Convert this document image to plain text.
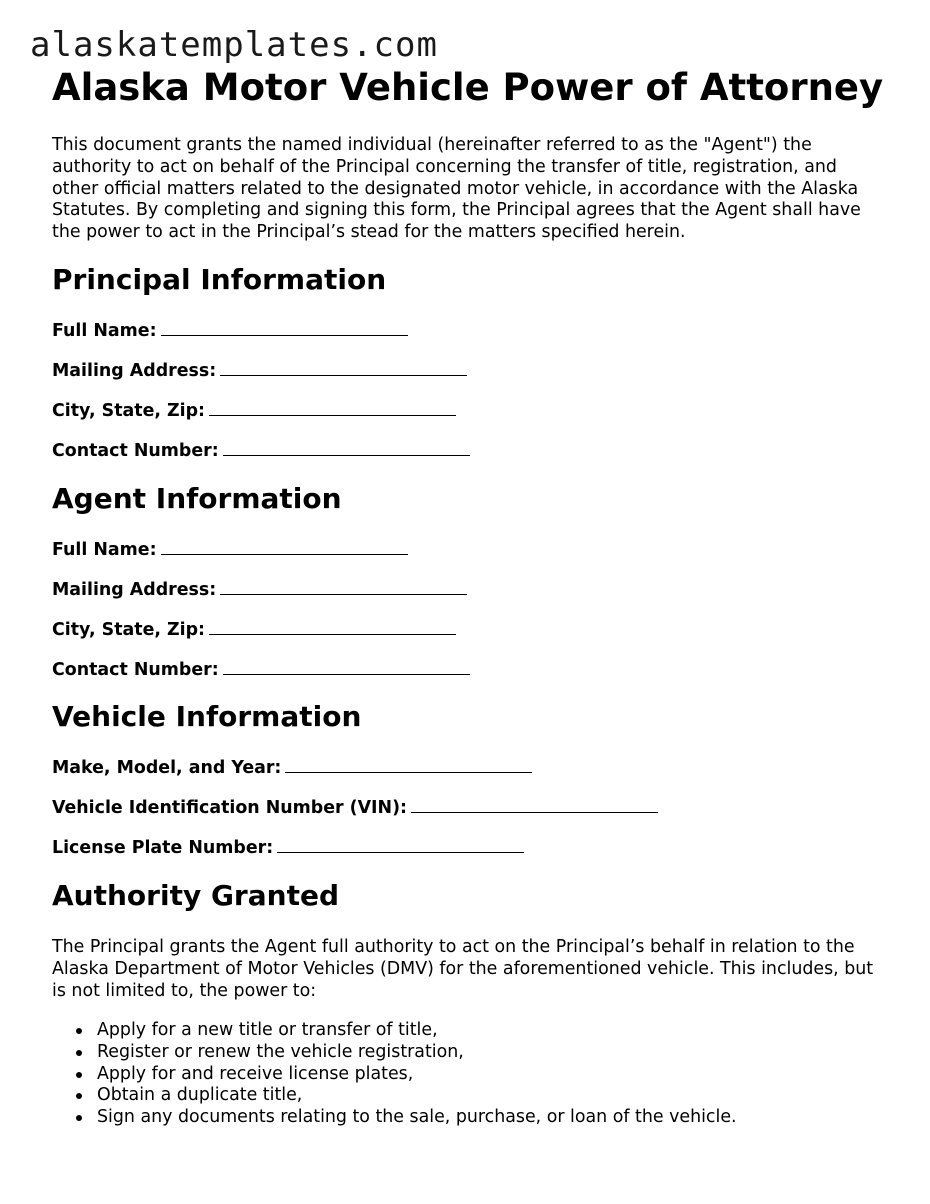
alaskatemplates.com
Alaska Motor Vehicle Power of Attorney

This document grants the named individual (hereinafter referred to as the "Agent") the authority to act on behalf of the Principal concerning the transfer of title, registration, and other official matters related to the designated motor vehicle, in accordance with the Alaska Statutes. By completing and signing this form, the Principal agrees that the Agent shall have the power to act in the Principal’s stead for the matters specified herein.

Principal Information
Full Name:
Mailing Address:
City, State, Zip:
Contact Number:
Agent Information
Full Name:
Mailing Address:
City, State, Zip:
Contact Number:
Vehicle Information
Make, Model, and Year:
Vehicle Identification Number (VIN):
License Plate Number:
Authority Granted

The Principal grants the Agent full authority to act on the Principal’s behalf in relation to the Alaska Department of Motor Vehicles (DMV) for the aforementioned vehicle. This includes, but is not limited to, the power to:

Apply for a new title or transfer of title,
Register or renew the vehicle registration,
Apply for and receive license plates,
Obtain a duplicate title,
Sign any documents relating to the sale, purchase, or loan of the vehicle.
